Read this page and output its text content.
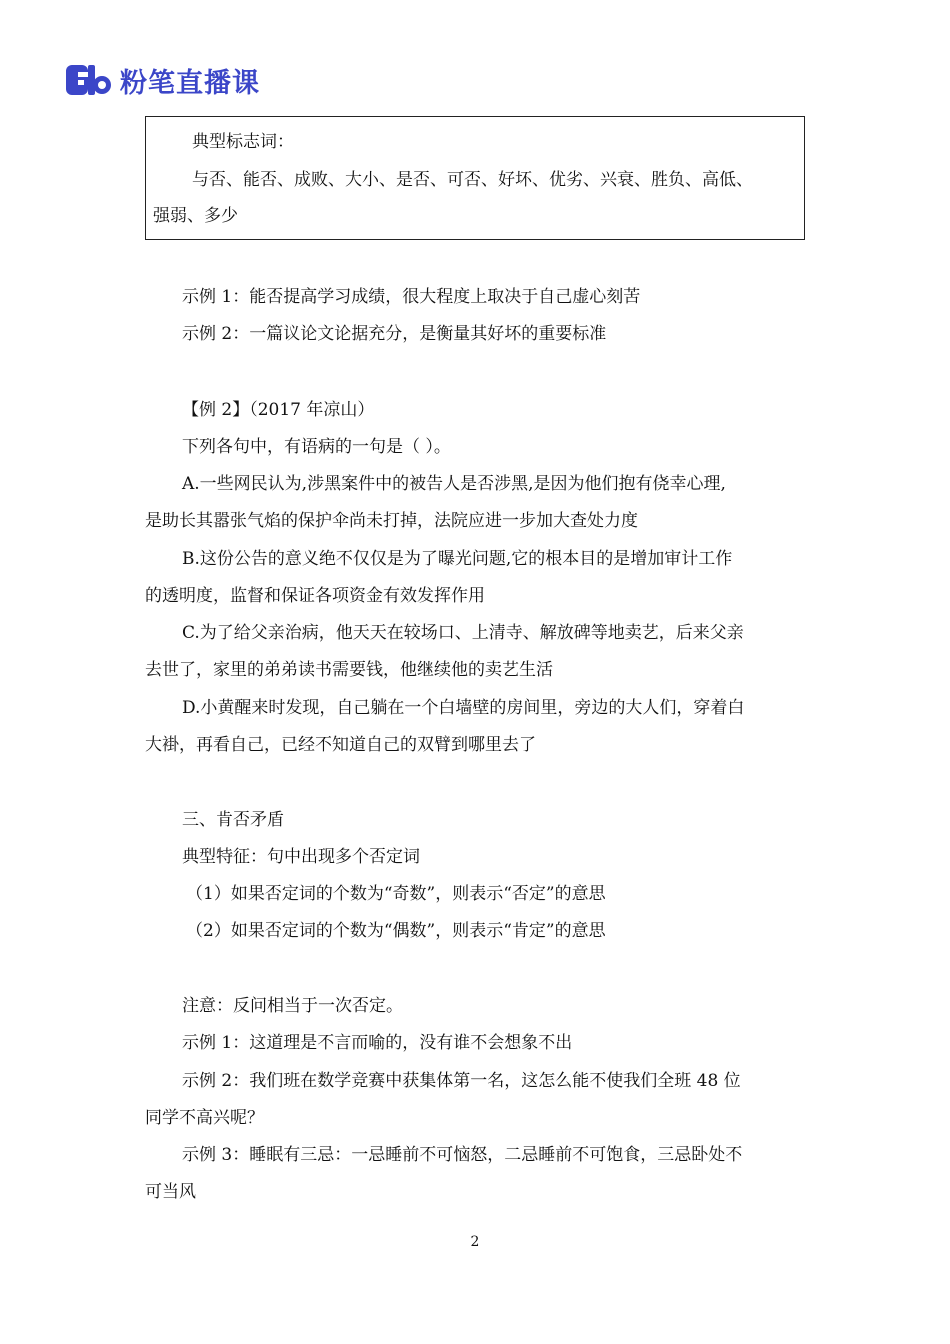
粉笔直播课
典型标志词：
与否、能否、成败、大小、是否、可否、好坏、优劣、兴衰、胜负、高低、
强弱、多少
示例 1：能否提高学习成绩，很大程度上取决于自己虚心刻苦
示例 2：一篇议论文论据充分，是衡量其好坏的重要标准
【例 2】（2017 年凉山）
下列各句中，有语病的一句是（ ）。
A.一些网民认为,涉黑案件中的被告人是否涉黑,是因为他们抱有侥幸心理,
是助长其嚣张气焰的保护伞尚未打掉，法院应进一步加大查处力度
B.这份公告的意义绝不仅仅是为了曝光问题,它的根本目的是增加审计工作
的透明度，监督和保证各项资金有效发挥作用
C.为了给父亲治病，他天天在较场口、上清寺、解放碑等地卖艺，后来父亲
去世了，家里的弟弟读书需要钱，他继续他的卖艺生活
D.小黄醒来时发现，自己躺在一个白墙壁的房间里，旁边的大人们，穿着白
大褂，再看自己，已经不知道自己的双臂到哪里去了
三、肯否矛盾
典型特征：句中出现多个否定词
（1）如果否定词的个数为“奇数”，则表示“否定”的意思
（2）如果否定词的个数为“偶数”，则表示“肯定”的意思
注意：反问相当于一次否定。
示例 1：这道理是不言而喻的，没有谁不会想象不出
示例 2：我们班在数学竞赛中获集体第一名，这怎么能不使我们全班 48 位
同学不高兴呢？
示例 3：睡眠有三忌：一忌睡前不可恼怒，二忌睡前不可饱食，三忌卧处不
可当风
2
